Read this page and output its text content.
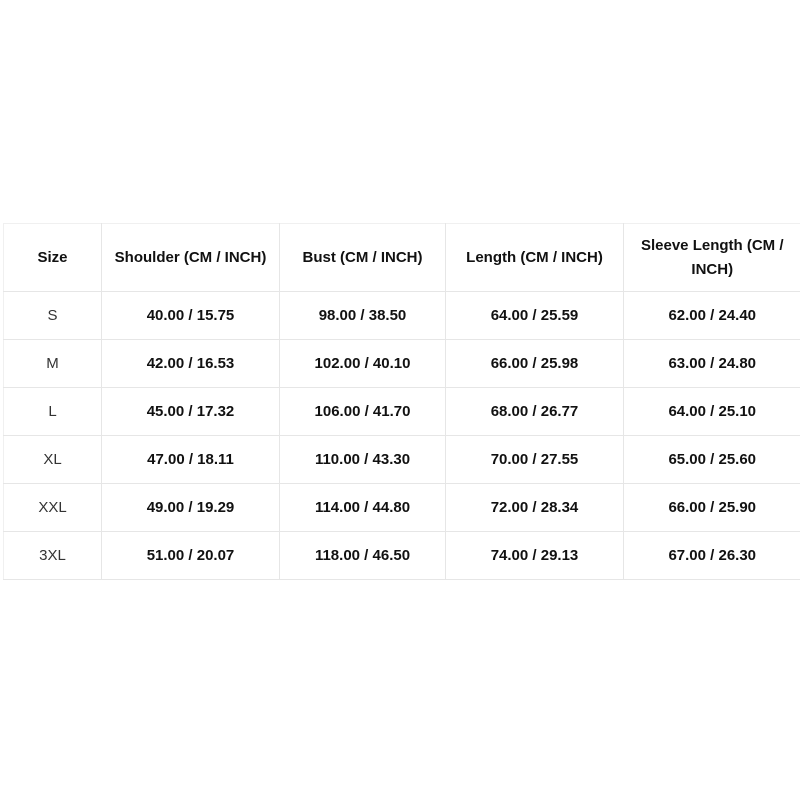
Size	Shoulder (CM / INCH)	Bust (CM / INCH)	Length (CM / INCH)	Sleeve Length (CM / INCH)
S	40.00 / 15.75	98.00 / 38.50	64.00 / 25.59	62.00 / 24.40
M	42.00 / 16.53	102.00 / 40.10	66.00 / 25.98	63.00 / 24.80
L	45.00 / 17.32	106.00 / 41.70	68.00 / 26.77	64.00 / 25.10
XL	47.00 / 18.11	110.00 / 43.30	70.00 / 27.55	65.00 / 25.60
XXL	49.00 / 19.29	114.00 / 44.80	72.00 / 28.34	66.00 / 25.90
3XL	51.00 / 20.07	118.00 / 46.50	74.00 / 29.13	67.00 / 26.30
